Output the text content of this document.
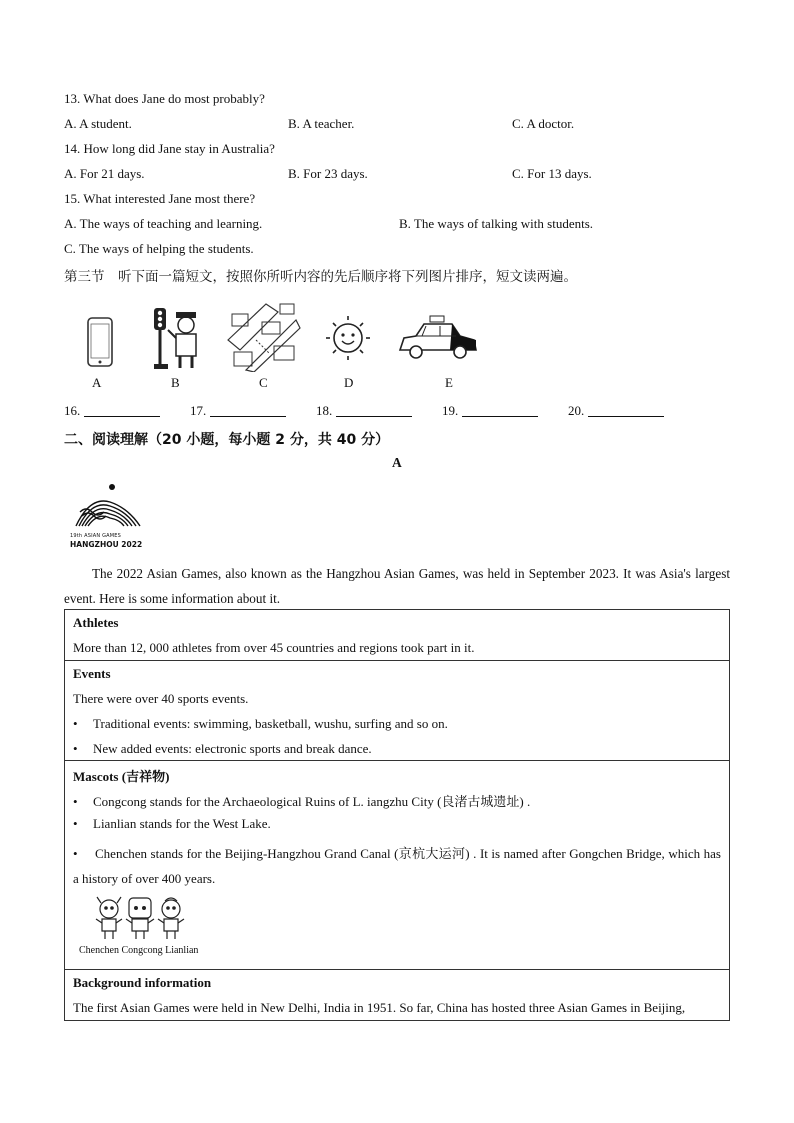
13. What does Jane do most probably?
A. A student.	B. A teacher.	C. A doctor.
14. How long did Jane stay in Australia?
A. For 21 days.	B. For 23 days.	C. For 13 days.
15. What interested Jane most there?
A. The ways of teaching and learning.	B. The ways of talking with students.
C. The ways of helping the students.
第三节　听下面一篇短文，按照你所听内容的先后顺序将下列图片排序，短文读两遍。
A	B	C	D	E
16.	17.	18.	19.	20.
二、阅读理解（20 小题，每小题 2 分，共 40 分）
A
19th ASIAN GAMES
HANGZHOU 2022
The 2022 Asian Games, also known as the Hangzhou Asian Games, was held in September 2023. It was Asia's largest event. Here is some information about it.
Athletes
More than 12, 000 athletes from over 45 countries and regions took part in it.
Events
There were over 40 sports events.
• Traditional events: swimming, basketball, wushu, surfing and so on.
• New added events: electronic sports and break dance.
Mascots (吉祥物)
• Congcong stands for the Archaeological Ruins of L. iangzhu City (良渚古城遗址) .
• Lianlian stands for the West Lake.
• Chenchen stands for the Beijing-Hangzhou Grand Canal (京杭大运河) . It is named after Gongchen Bridge, which has a history of over 400 years.
Chenchen Congcong Lianlian
Background information
The first Asian Games were held in New Delhi, India in 1951. So far, China has hosted three Asian Games in Beijing,
